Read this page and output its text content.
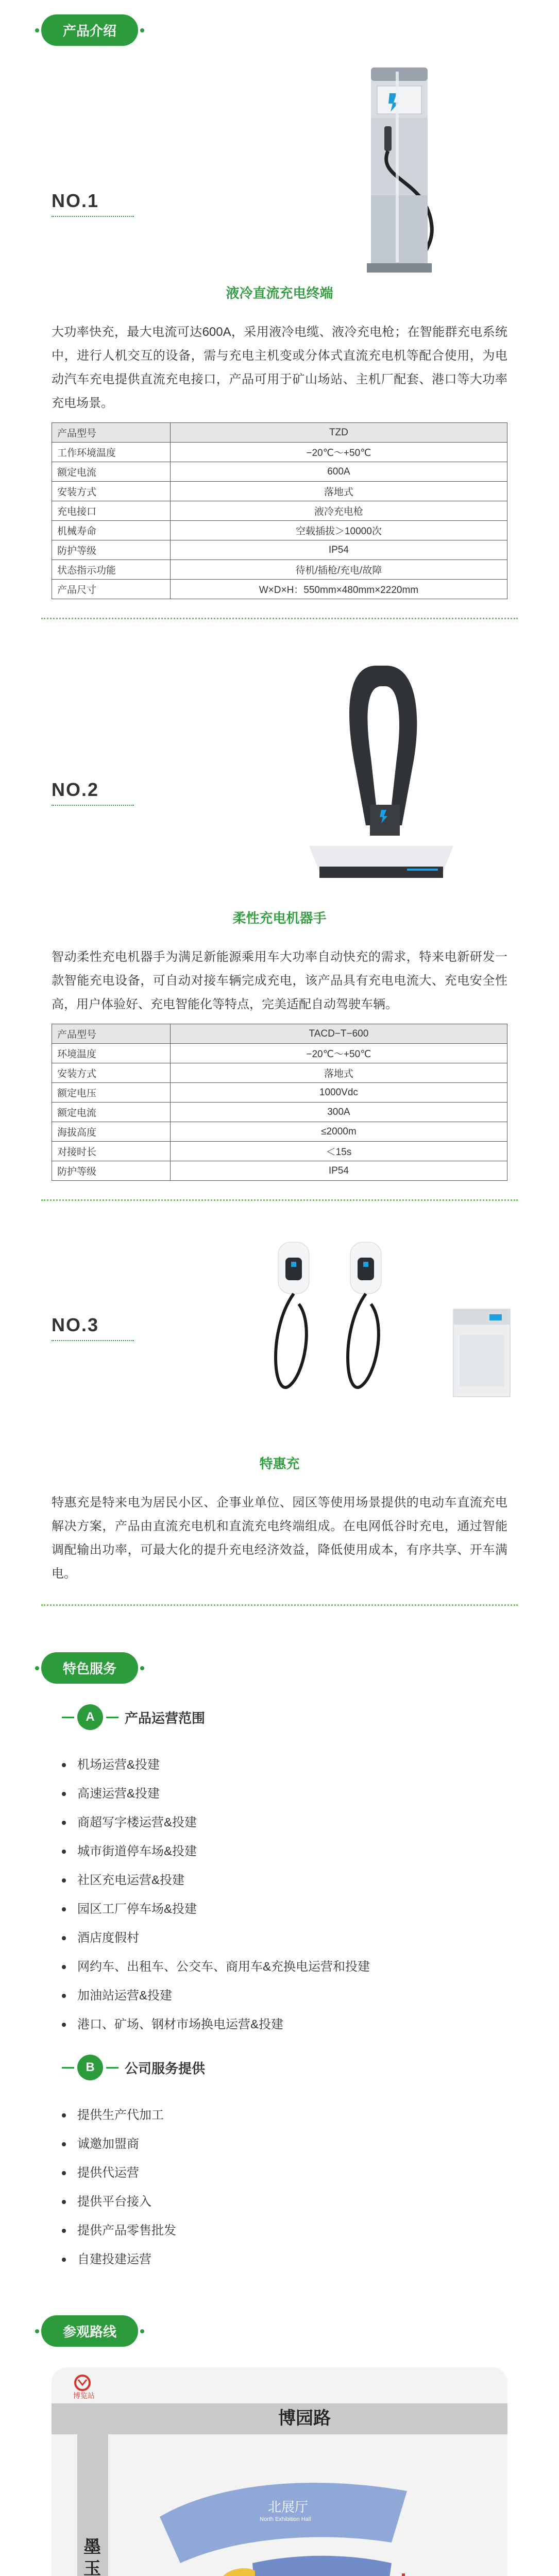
产品介绍
NO.1
液冷直流充电终端

大功率快充，最大电流可达600A，采用液冷电缆、液冷充电枪；在智能群充电系统中，进行人机交互的设备，需与充电主机变或分体式直流充电机等配合使用，为电动汽车充电提供直流充电接口，产品可用于矿山场站、主机厂配套、港口等大功率充电场景。

产品型号	TZD
工作环境温度	−20℃～+50℃
额定电流	600A
安装方式	落地式
充电接口	液冷充电枪
机械寿命	空载插拔＞10000次
防护等级	IP54
状态指示功能	待机/插枪/充电/故障
产品尺寸	W×D×H：550mm×480mm×2220mm
NO.2
柔性充电机器手

智动柔性充电机器手为满足新能源乘用车大功率自动快充的需求，特来电新研发一款智能充电设备，可自动对接车辆完成充电，该产品具有充电电流大、充电安全性高，用户体验好、充电智能化等特点，完美适配自动驾驶车辆。

产品型号	TACD−T−600
环境温度	−20℃～+50℃
安装方式	落地式
额定电压	1000Vdc
额定电流	300A
海拔高度	≤2000m
对接时长	＜15s
防护等级	IP54
NO.3
特惠充

特惠充是特来电为居民小区、企事业单位、园区等使用场景提供的电动车直流充电解决方案，产品由直流充电机和直流充电终端组成。在电网低谷时充电，通过智能调配输出功率，可最大化的提升充电经济效益，降低使用成本，有序共享、开车满电。

特色服务
A	产品运营范围
机场运营&投建
高速运营&投建
商超写字楼运营&投建
城市街道停车场&投建
社区充电运营&投建
园区工厂停车场&投建
酒店度假村
网约车、出租车、公交车、商用车&充换电运营和投建
加油站运营&投建
港口、矿场、钢材市场换电运营&投建
B	公司服务提供
提供生产代加工
诚邀加盟商
提供代运营
提供平台接入
提供产品零售批发
自建投建运营
参观路线
博园路
墨 玉
博览站
北展厅
North Exhibition Hall
